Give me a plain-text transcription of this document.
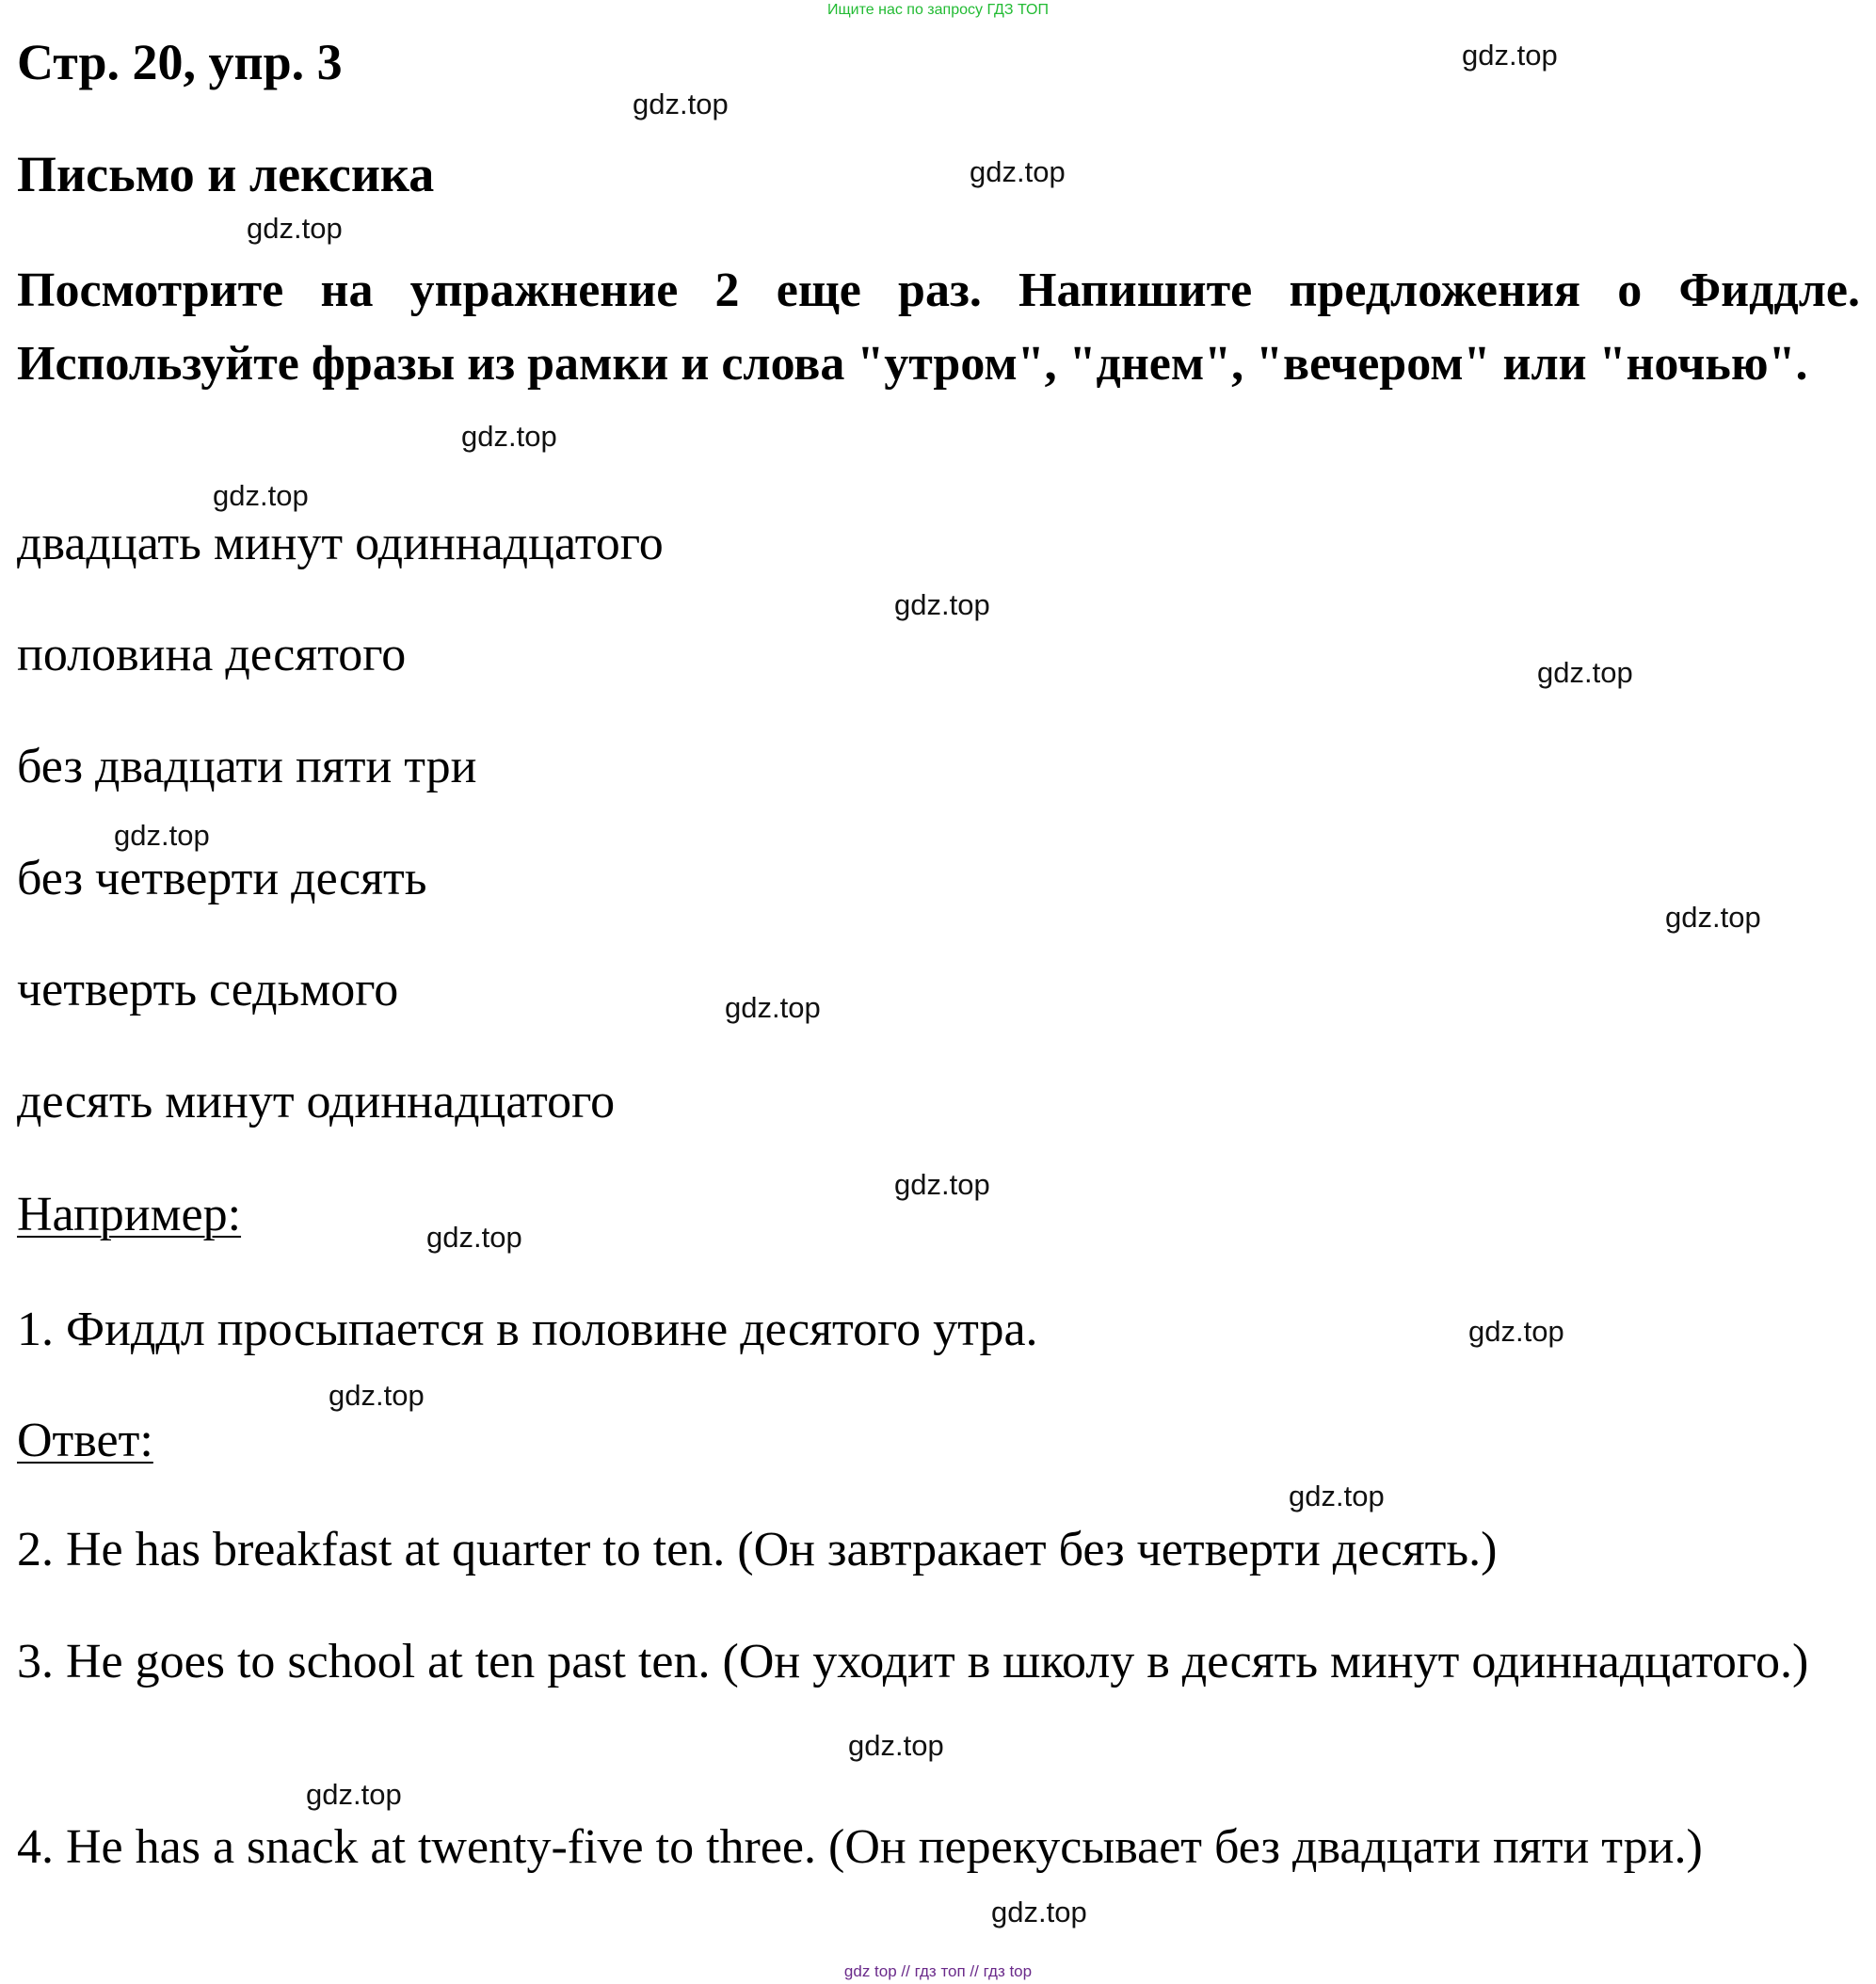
Ищите нас по запросу ГДЗ ТОП
Стр. 20, упр. 3
Письмо и лексика
Посмотрите на упражнение 2 еще раз. Напишите предложения о Фиддле. Используйте фразы из рамки и слова "утром", "днем", "вечером" или "ночью".
двадцать минут одиннадцатого
половина десятого
без двадцати пяти три
без четверти десять
четверть седьмого
десять минут одиннадцатого
Например:
1. Фиддл просыпается в половине десятого утра.
Ответ:
2. He has breakfast at quarter to ten. (Он завтракает без четверти десять.)
3. He goes to school at ten past ten. (Он уходит в школу в десять минут одиннадцатого.)
4. He has a snack at twenty-five to three. (Он перекусывает без двадцати пяти три.)
gdz.top
gdz.top
gdz.top
gdz.top
gdz.top
gdz.top
gdz.top
gdz.top
gdz.top
gdz.top
gdz.top
gdz.top
gdz.top
gdz.top
gdz.top
gdz.top
gdz.top
gdz.top
gdz.top
gdz top // гдз топ // гдз top
